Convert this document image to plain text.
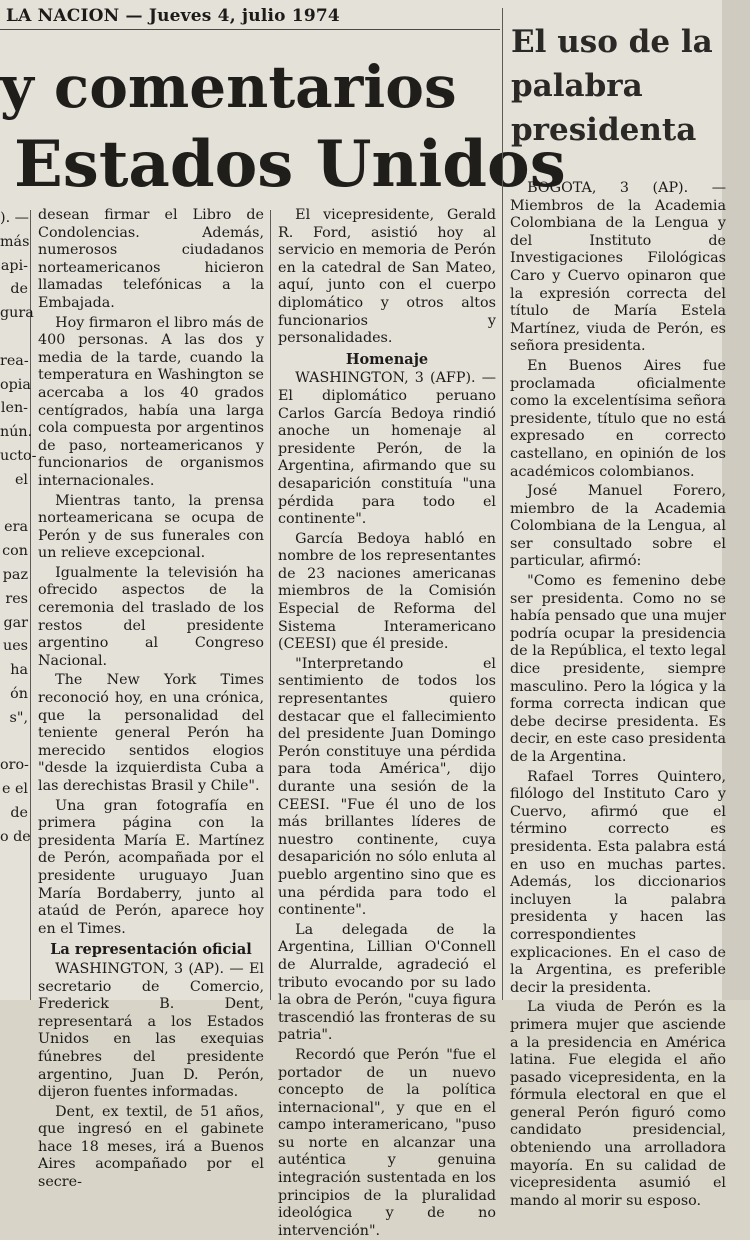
LA NACION — Jueves 4, julio 1974
y comentarios
Estados Unidos
El uso de la palabra presidenta
). —
más
api-
de
gura

rea-
opia
len-
nún.
ucto-
el

era
con
paz
res
gar
ues
ha
ón
s",

oro-
e el
de
o de

desean firmar el Libro de Condolencias. Además, numerosos ciudadanos norteamericanos hicieron llamadas telefónicas a la Embajada.

Hoy firmaron el libro más de 400 personas. A las dos y media de la tarde, cuando la temperatura en Washington se acercaba a los 40 grados centígrados, había una larga cola compuesta por argentinos de paso, norteamericanos y funcionarios de organismos internacionales.

Mientras tanto, la prensa norteamericana se ocupa de Perón y de sus funerales con un relieve excepcional.

Igualmente la televisión ha ofrecido aspectos de la ceremonia del traslado de los restos del presidente argentino al Congreso Nacional.

The New York Times reconoció hoy, en una crónica, que la personalidad del teniente general Perón ha merecido sentidos elogios "desde la izquierdista Cuba a las derechistas Brasil y Chile".

Una gran fotografía en primera página con la presidenta María E. Martínez de Perón, acompañada por el presidente uruguayo Juan María Bordaberry, junto al ataúd de Perón, aparece hoy en el Times.

La representación oficial

WASHINGTON, 3 (AP). — El secretario de Comercio, Frederick B. Dent, representará a los Estados Unidos en las exequias fúnebres del presidente argentino, Juan D. Perón, dijeron fuentes informadas.

Dent, ex textil, de 51 años, que ingresó en el gabinete hace 18 meses, irá a Buenos Aires acompañado por el secre-

El vicepresidente, Gerald R. Ford, asistió hoy al servicio en memoria de Perón en la catedral de San Mateo, aquí, junto con el cuerpo diplomático y otros altos funcionarios y personalidades.

Homenaje

WASHINGTON, 3 (AFP). — El diplomático peruano Carlos García Bedoya rindió anoche un homenaje al presidente Perón, de la Argentina, afirmando que su desaparición constituía "una pérdida para todo el continente".

García Bedoya habló en nombre de los representantes de 23 naciones americanas miembros de la Comisión Especial de Reforma del Sistema Interamericano (CEESI) que él preside.

"Interpretando el sentimiento de todos los representantes quiero destacar que el fallecimiento del presidente Juan Domingo Perón constituye una pérdida para toda América", dijo durante una sesión de la CEESI. "Fue él uno de los más brillantes líderes de nuestro continente, cuya desaparición no sólo enluta al pueblo argentino sino que es una pérdida para todo el continente".

La delegada de la Argentina, Lillian O'Connell de Alurralde, agradeció el tributo evocando por su lado la obra de Perón, "cuya figura trascendió las fronteras de su patria".

Recordó que Perón "fue el portador de un nuevo concepto de la política internacional", y que en el campo interamericano, "puso su norte en alcanzar una auténtica y genuina integración sustentada en los principios de la pluralidad ideológica y de no intervención".

BOGOTA, 3 (AP). — Miembros de la Academia Colombiana de la Lengua y del Instituto de Investigaciones Filológicas Caro y Cuervo opinaron que la expresión correcta del título de María Estela Martínez, viuda de Perón, es señora presidenta.

En Buenos Aires fue proclamada oficialmente como la excelentísima señora presidente, título que no está expresado en correcto castellano, en opinión de los académicos colombianos.

José Manuel Forero, miembro de la Academia Colombiana de la Lengua, al ser consultado sobre el particular, afirmó:

"Como es femenino debe ser presidenta. Como no se había pensado que una mujer podría ocupar la presidencia de la República, el texto legal dice presidente, siempre masculino. Pero la lógica y la forma correcta indican que debe decirse presidenta. Es decir, en este caso presidenta de la Argentina.

Rafael Torres Quintero, filólogo del Instituto Caro y Cuervo, afirmó que el término correcto es presidenta. Esta palabra está en uso en muchas partes. Además, los diccionarios incluyen la palabra presidenta y hacen las correspondientes explicaciones. En el caso de la Argentina, es preferible decir la presidenta.

La viuda de Perón es la primera mujer que asciende a la presidencia en América latina. Fue elegida el año pasado vicepresidenta, en la fórmula electoral en que el general Perón figuró como candidato presidencial, obteniendo una arrolladora mayoría. En su calidad de vicepresidenta asumió el mando al morir su esposo.
